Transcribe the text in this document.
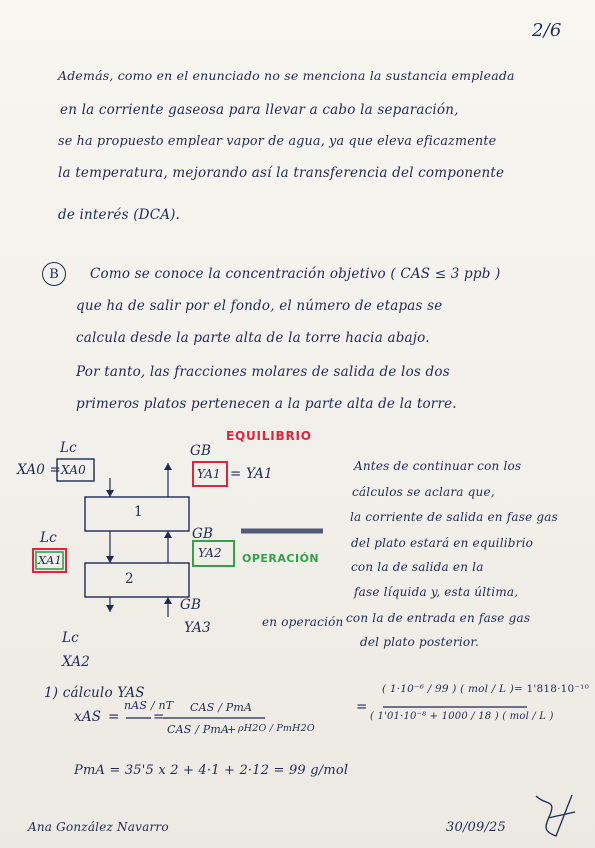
2/6
Además, como en el enunciado no se menciona la sustancia empleada
en la corriente gaseosa para llevar a cabo la separación,
se ha propuesto emplear vapor de agua, ya que eleva eficazmente
la temperatura, mejorando así la transferencia del componente
de interés (DCA).
B	Como se conoce la concentración objetivo ( CAS ≤ 3 ppb )
que ha de salir por el fondo, el número de etapas se
calcula desde la parte alta de la torre hacia abajo.
Por tanto, las fracciones molares de salida de los dos
primeros platos pertenecen a la parte alta de la torre.
EQUILIBRIO
OPERACIÓN
Lc
XA0 = XA0
GB
YA1 = YA1
1
2
GB
YA2
Lc
XA1
GB
YA3	en operación
Lc
XA2
Antes de continuar con los
cálculos se aclara que,
la corriente de salida en fase gas
del plato estará en equilibrio
con la de salida en la
fase líquida y, esta última,
con la de entrada en fase gas
del plato posterior.
1) cálculo YAS
xAS =
nAS / nT
=
CAS / PmA
CAS / PmA
+ ρH2O / PmH2O
=
( 1·10⁻⁶ / 99 ) ( mol / L )
( 1'01·10⁻⁸ + 1000 / 18 ) ( mol / L )
= 1'818·10⁻¹⁰
PmA = 35'5 x 2 + 4·1 + 2·12 = 99 g/mol
Ana González Navarro	30/09/25
